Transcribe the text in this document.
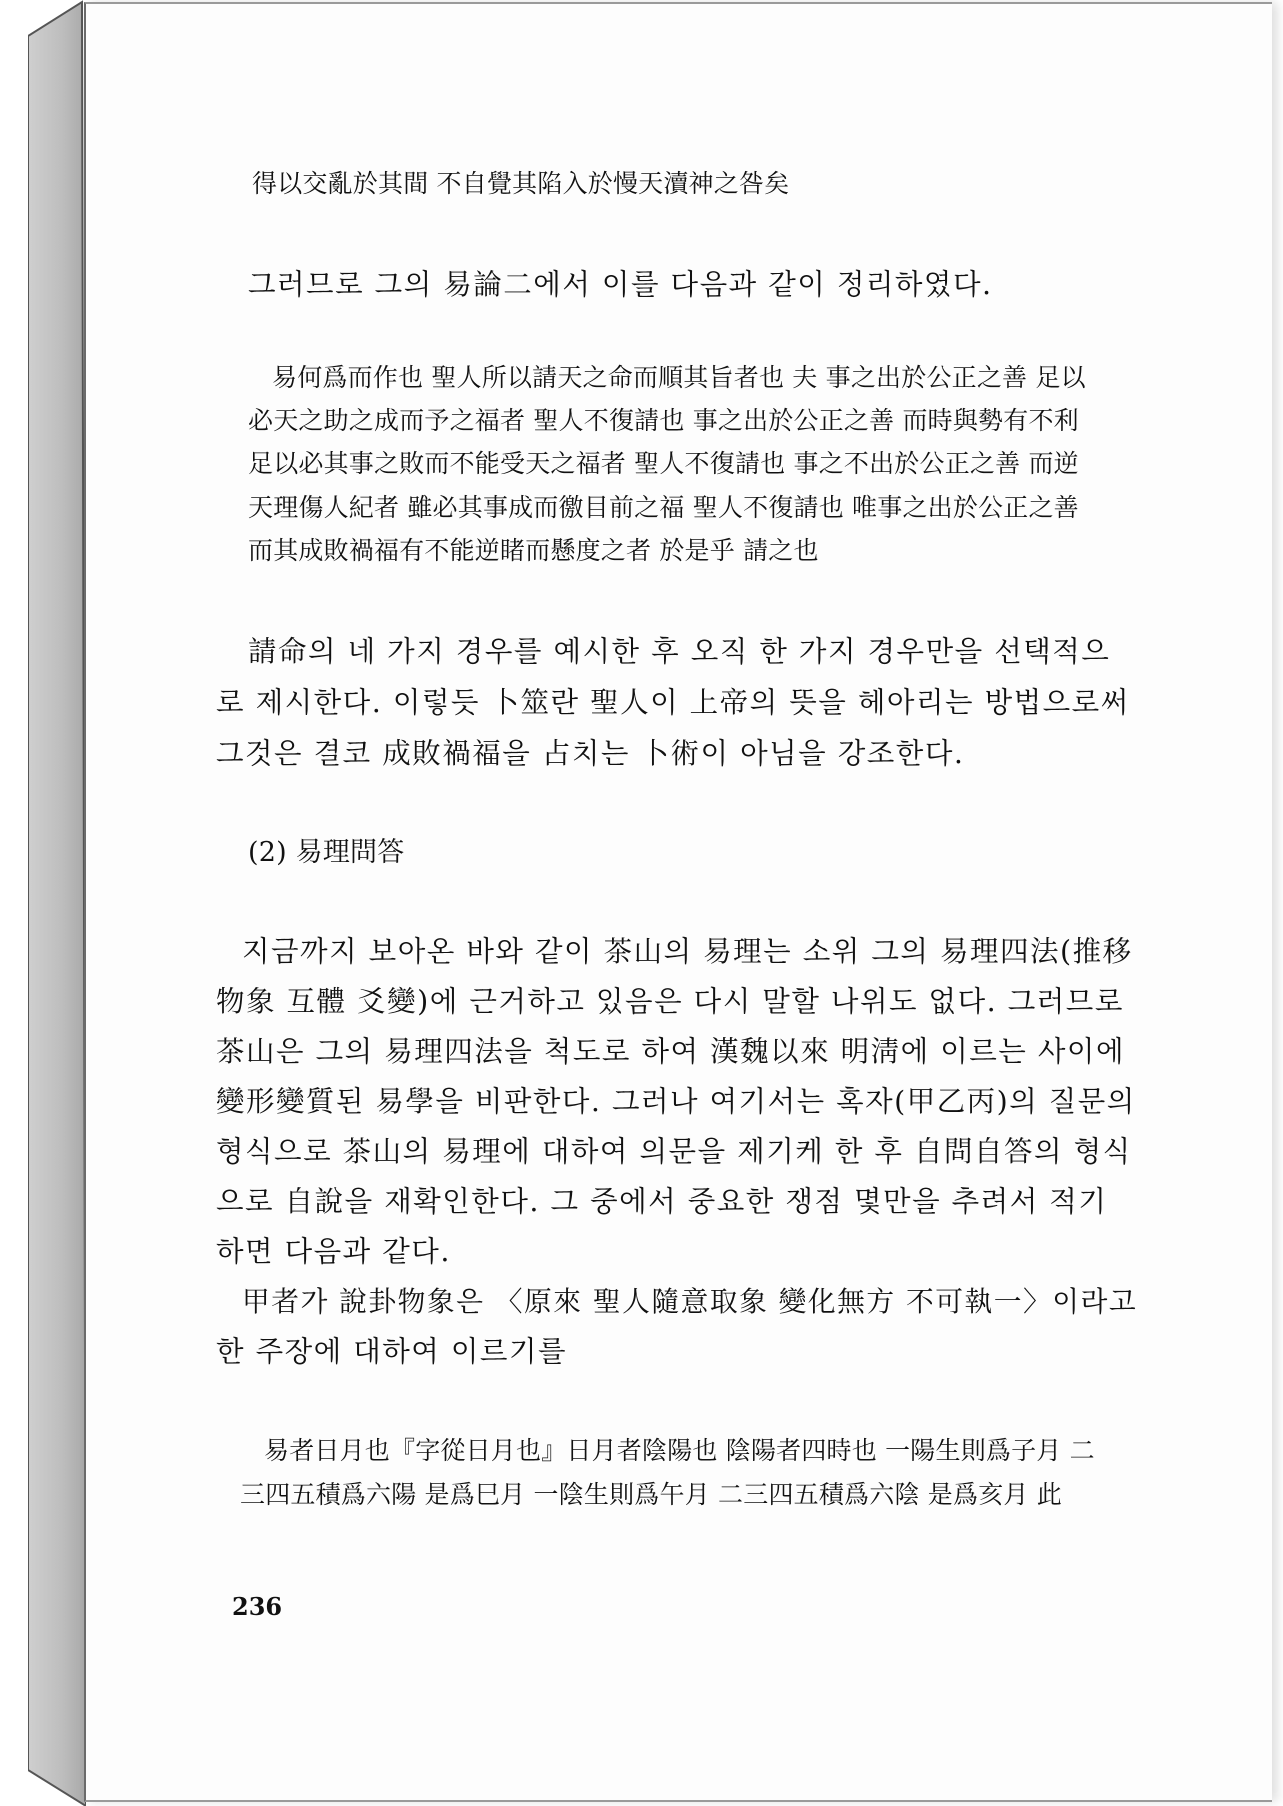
得以交亂於其間 不自覺其陷入於慢天瀆神之咎矣

그러므로 그의 易論二에서 이를 다음과 같이 정리하였다.

易何爲而作也 聖人所以請天之命而順其旨者也 夫 事之出於公正之善 足以

必天之助之成而予之福者 聖人不復請也 事之出於公正之善 而時與勢有不利

足以必其事之敗而不能受天之福者 聖人不復請也 事之不出於公正之善 而逆

天理傷人紀者 雖必其事成而徼目前之福 聖人不復請也 唯事之出於公正之善

而其成敗禍福有不能逆睹而懸度之者 於是乎 請之也

請命의 네 가지 경우를 예시한 후 오직 한 가지 경우만을 선택적으

로 제시한다. 이렇듯 卜筮란 聖人이 上帝의 뜻을 헤아리는 방법으로써

그것은 결코 成敗禍福을 占치는 卜術이 아님을 강조한다.

(2) 易理問答

지금까지 보아온 바와 같이 茶山의 易理는 소위 그의 易理四法(推移

物象 互體 爻變)에 근거하고 있음은 다시 말할 나위도 없다. 그러므로

茶山은 그의 易理四法을 척도로 하여 漢魏以來 明淸에 이르는 사이에

變形變質된 易學을 비판한다. 그러나 여기서는 혹자(甲乙丙)의 질문의

형식으로 茶山의 易理에 대하여 의문을 제기케 한 후 自問自答의 형식

으로 自說을 재확인한다. 그 중에서 중요한 쟁점 몇만을 추려서 적기

하면 다음과 같다.

甲者가 說卦物象은 〈原來 聖人隨意取象 變化無方 不可執一〉이라고

한 주장에 대하여 이르기를

易者日月也『字從日月也』日月者陰陽也 陰陽者四時也 一陽生則爲子月 二

三四五積爲六陽 是爲巳月 一陰生則爲午月 二三四五積爲六陰 是爲亥月 此

236
